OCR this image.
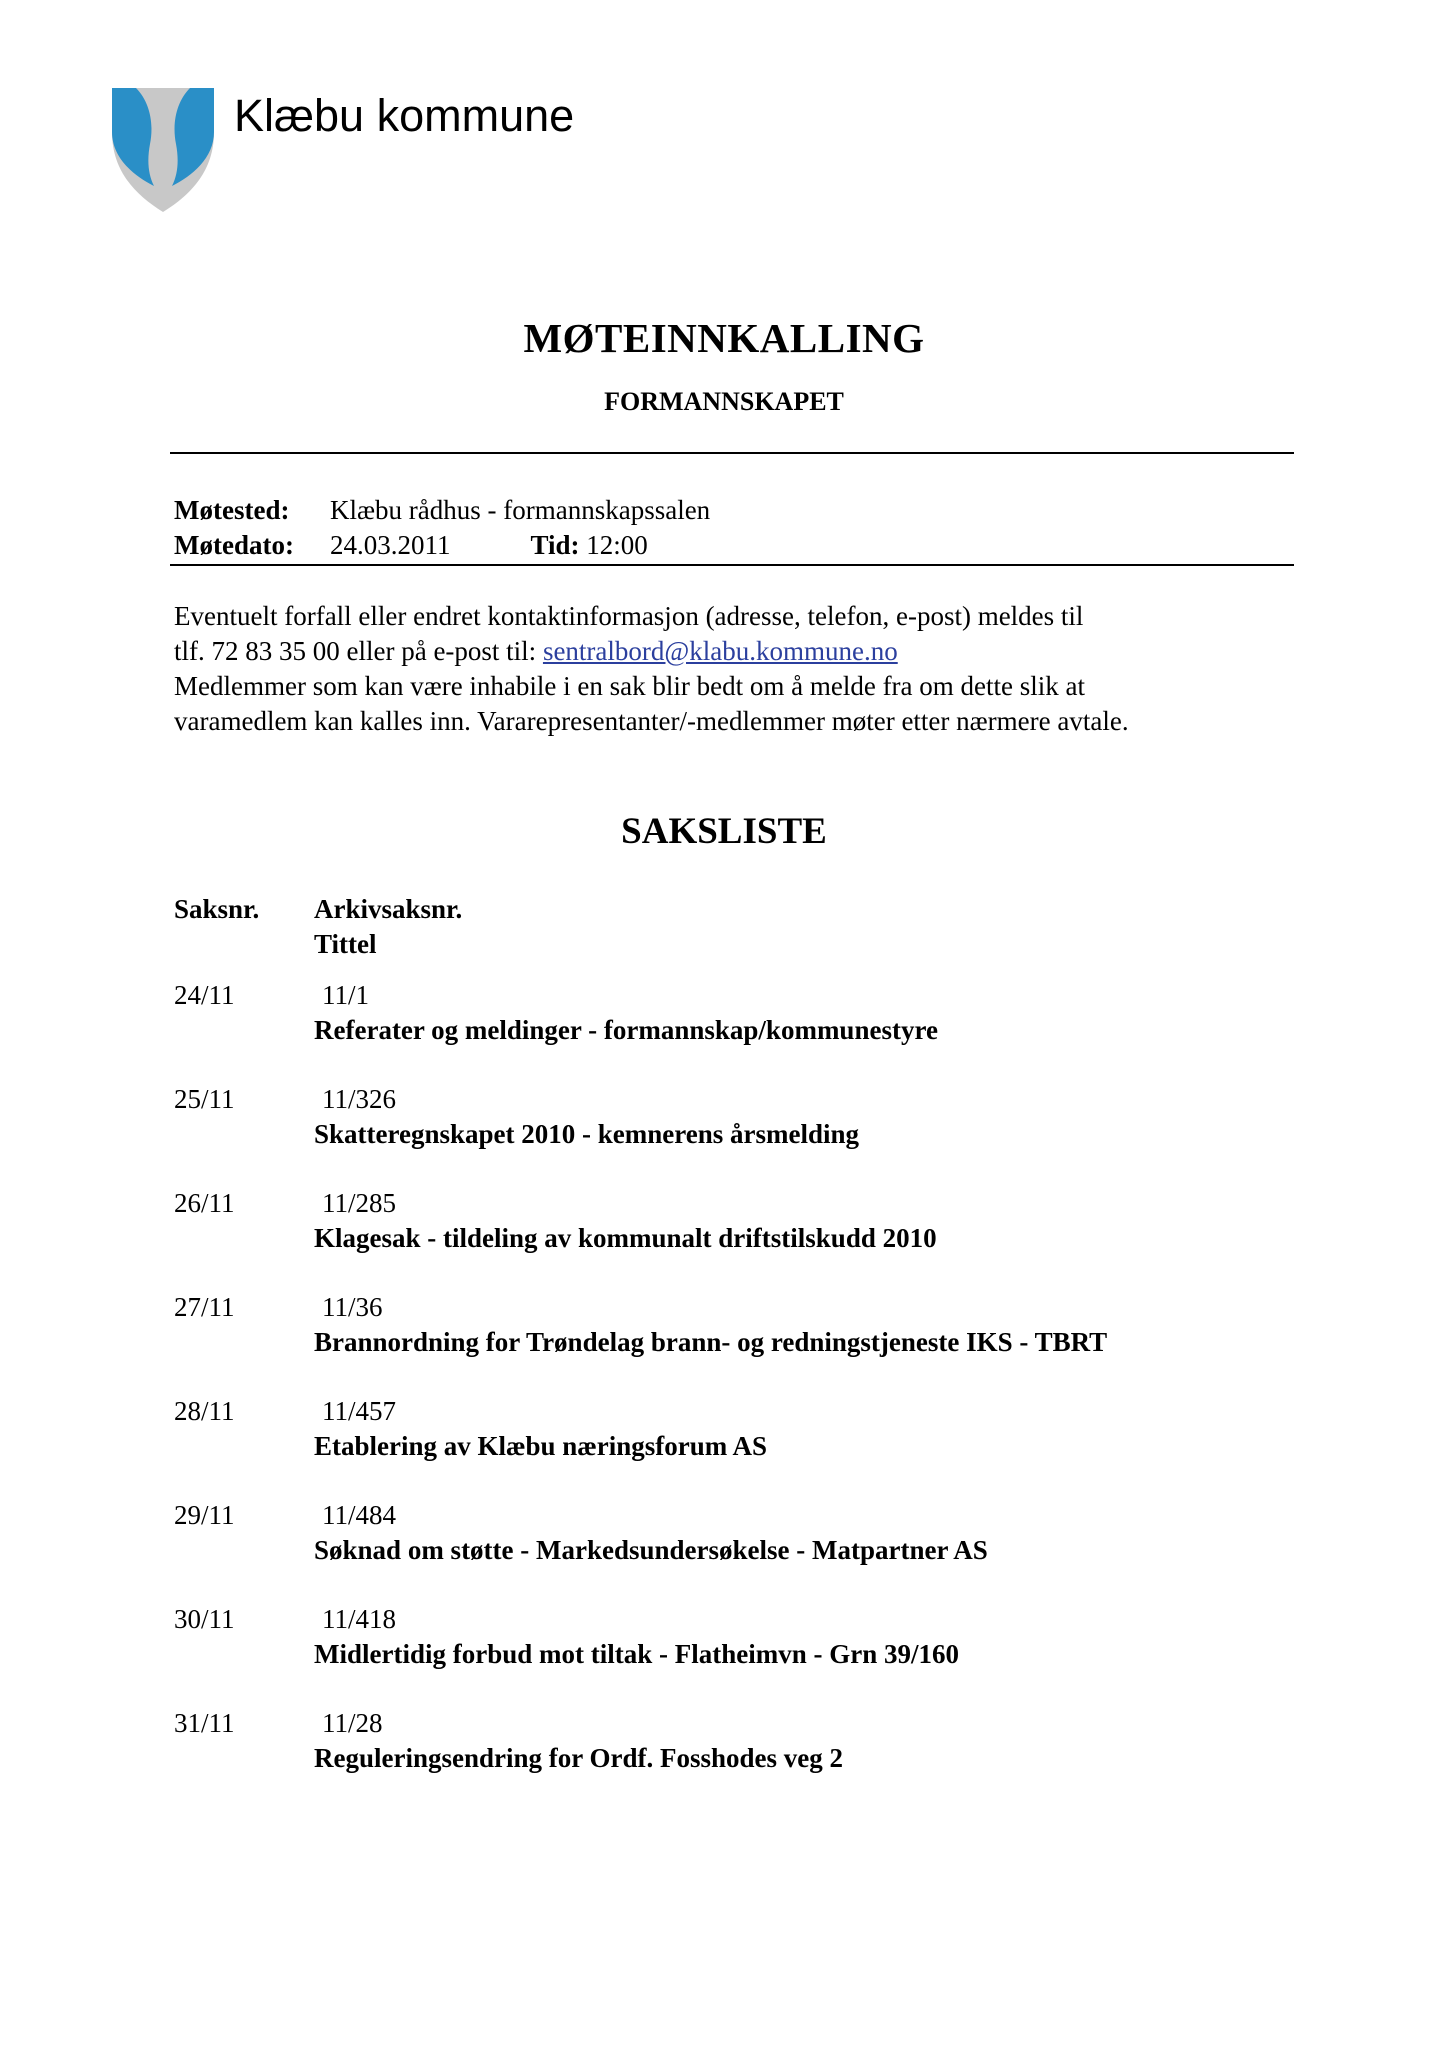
Klæbu kommune
MØTEINNKALLING
FORMANNSKAPET
Møtested: Klæbu rådhus - formannskapssalen
Møtedato: 24.03.2011	Tid: 12:00

Eventuelt forfall eller endret kontaktinformasjon (adresse, telefon, e-post) meldes til

tlf. 72 83 35 00 eller på e-post til: sentralbord@klabu.kommune.no

Medlemmer som kan være inhabile i en sak blir bedt om å melde fra om dette slik at

varamedlem kan kalles inn. Vararepresentanter/-medlemmer møter etter nærmere avtale.

SAKSLISTE
Saksnr. Arkivsaksnr.
Tittel
24/11	11/1
Referater og meldinger - formannskap/kommunestyre
25/11	11/326
Skatteregnskapet 2010 - kemnerens årsmelding
26/11	11/285
Klagesak - tildeling av kommunalt driftstilskudd 2010
27/11	11/36
Brannordning for Trøndelag brann- og redningstjeneste IKS - TBRT
28/11	11/457
Etablering av Klæbu næringsforum AS
29/11	11/484
Søknad om støtte - Markedsundersøkelse - Matpartner AS
30/11	11/418
Midlertidig forbud mot tiltak - Flatheimvn - Grn 39/160
31/11	11/28
Reguleringsendring for Ordf. Fosshodes veg 2
